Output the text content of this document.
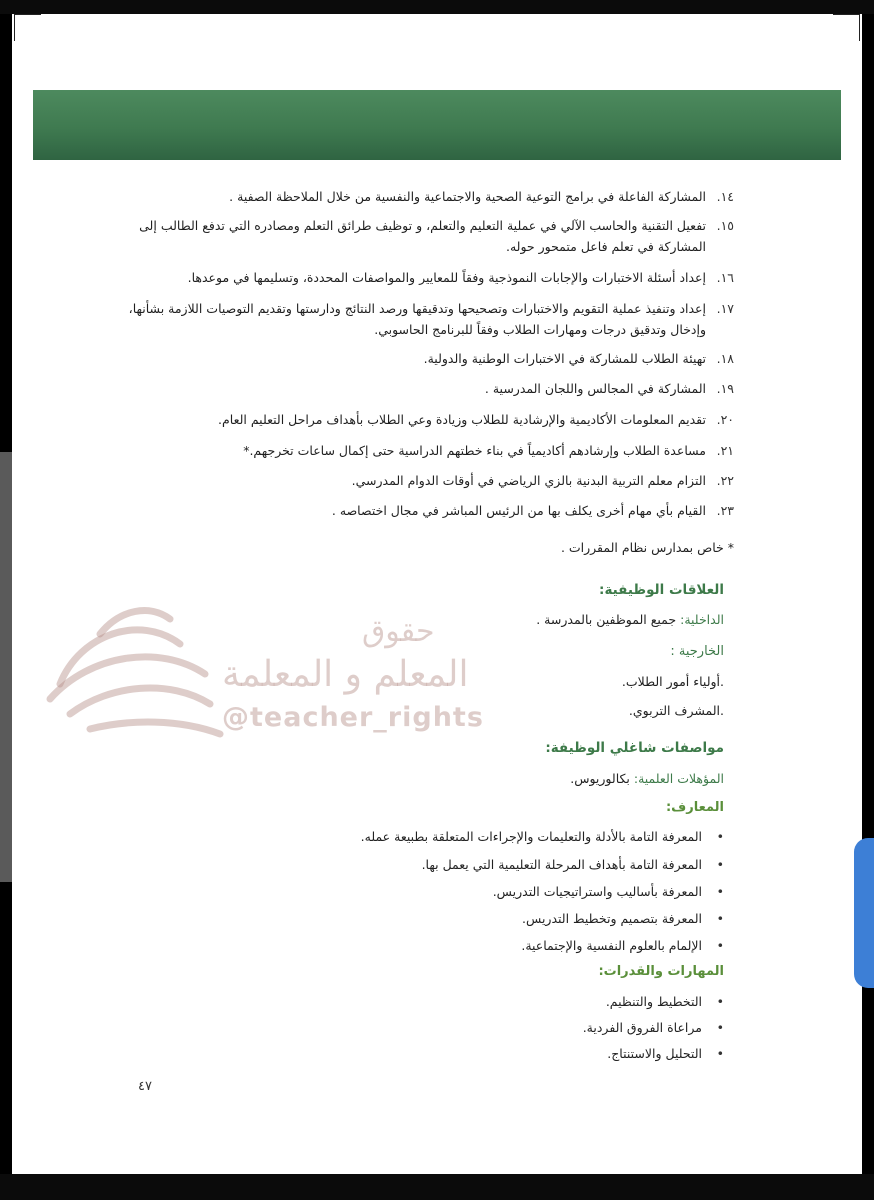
حقوق
المعلم و المعلمة
@teacher_rights
١٤.المشاركة الفاعلة في برامج التوعية الصحية والاجتماعية والنفسية من خلال الملاحظة الصفية .
١٥.
تفعيل التقنية والحاسب الآلي في عملية التعليم والتعلم، و توظيف طرائق التعلم ومصادره التي تدفع الطالب إلى المشاركة في تعلم فاعل متمحور حوله.
١٦.إعداد أسئلة الاختبارات والإجابات النموذجية وفقاً للمعايير والمواصفات المحددة، وتسليمها في موعدها.
١٧.
إعداد وتنفيذ عملية التقويم والاختبارات وتصحيحها وتدقيقها ورصد النتائج ودارستها وتقديم التوصيات اللازمة بشأنها، وإدخال وتدقيق درجات ومهارات الطلاب وفقاً للبرنامج الحاسوبي.
١٨.تهيئة الطلاب للمشاركة في الاختبارات الوطنية والدولية.
١٩.المشاركة في المجالس واللجان المدرسية .
٢٠.تقديم المعلومات الأكاديمية والإرشادية للطلاب وزيادة وعي الطلاب بأهداف مراحل التعليم العام.
٢١.مساعدة الطلاب وإرشادهم أكاديمياً في بناء خطتهم الدراسية حتى إكمال ساعات تخرجهم.*
٢٢.التزام معلم التربية البدنية بالزي الرياضي في أوقات الدوام المدرسي.
٢٣.القيام بأي مهام أخرى يكلف بها من الرئيس المباشر في مجال اختصاصه .
* خاص بمدارس نظام المقررات .
العلاقات الوظيفية:
الداخلية: جميع الموظفين بالمدرسة .
الخارجية :
.أولياء أمور الطلاب.
.المشرف التربوي.
مواصفات شاغلي الوظيفة:
المؤهلات العلمية: بكالوريوس.
المعارف:
•المعرفة التامة بالأدلة والتعليمات والإجراءات المتعلقة بطبيعة عمله.
•المعرفة التامة بأهداف المرحلة التعليمية التي يعمل بها.
•المعرفة بأساليب واستراتيجيات التدريس.
•المعرفة بتصميم وتخطيط التدريس.
•الإلمام بالعلوم النفسية والإجتماعية.
المهارات والقدرات:
•التخطيط والتنظيم.
•مراعاة الفروق الفردية.
•التحليل والاستنتاج.
٤٧
